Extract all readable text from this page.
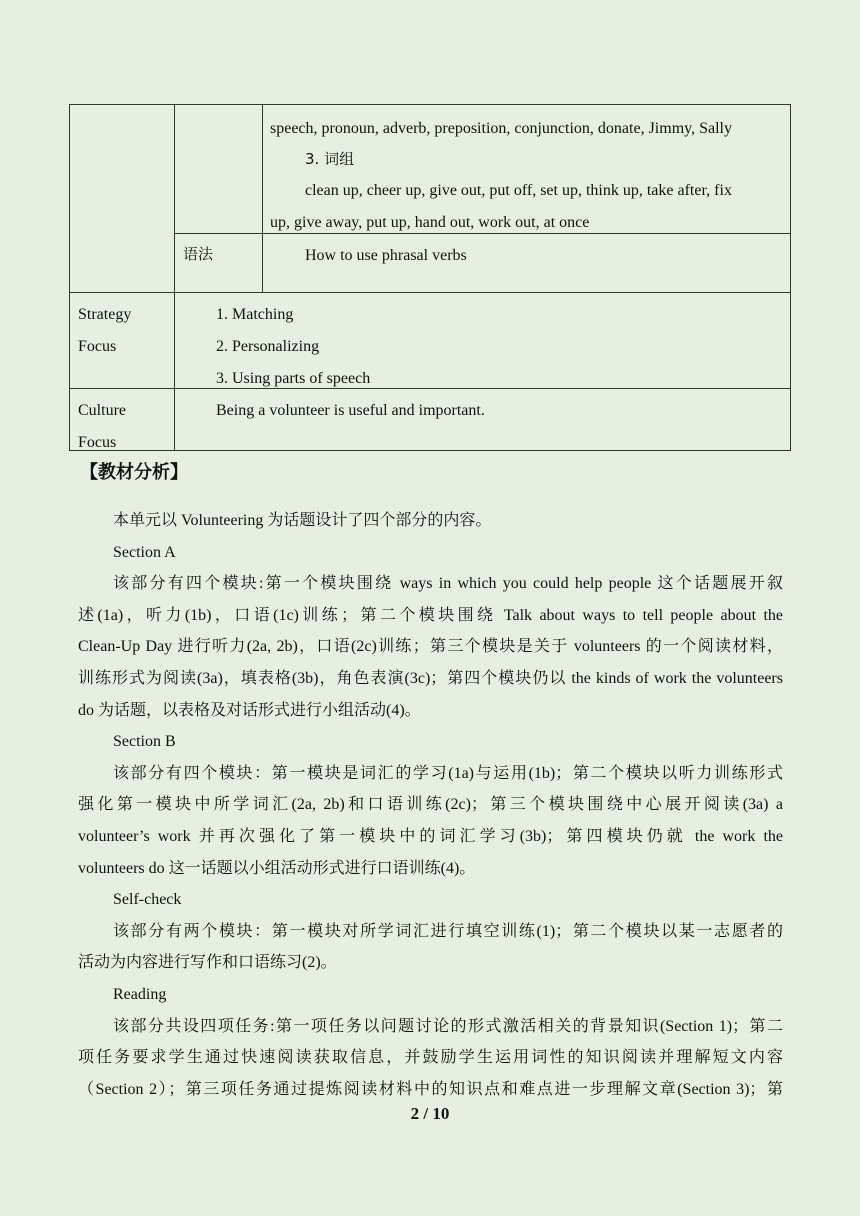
speech, pronoun, adverb, preposition, conjunction, donate, Jimmy, Sally
3. 词组
clean up, cheer up, give out, put off, set up, think up, take after, fix
up, give away, put up, hand out, work out, at once
语法	How to use phrasal verbs
Strategy
Focus
1. Matching
2. Personalizing
3. Using parts of speech
Culture
Focus
Being a volunteer is useful and important.
【教材分析】
本单元以 Volunteering 为话题设计了四个部分的内容。
Section A
该部分有四个模块:第一个模块围绕 ways in which you could help people 这个话题展开叙
述(1a)，听力(1b)，口语(1c)训练；第二个模块围绕 Talk about ways to tell people about the
Clean-Up Day 进行听力(2a, 2b)，口语(2c)训练；第三个模块是关于 volunteers 的一个阅读材料，
训练形式为阅读(3a)，填表格(3b)，角色表演(3c)；第四个模块仍以 the kinds of work the volunteers
do 为话题，以表格及对话形式进行小组活动(4)。
Section B
该部分有四个模块：第一模块是词汇的学习(1a)与运用(1b)；第二个模块以听力训练形式
强化第一模块中所学词汇(2a, 2b)和口语训练(2c)；第三个模块围绕中心展开阅读(3a) a
volunteer’s work 并再次强化了第一模块中的词汇学习(3b)；第四模块仍就 the work the
volunteers do 这一话题以小组活动形式进行口语训练(4)。
Self-check
该部分有两个模块：第一模块对所学词汇进行填空训练(1)；第二个模块以某一志愿者的
活动为内容进行写作和口语练习(2)。
Reading
该部分共设四项任务:第一项任务以问题讨论的形式激活相关的背景知识(Section 1)；第二
项任务要求学生通过快速阅读获取信息，并鼓励学生运用词性的知识阅读并理解短文内容
（Section 2）；第三项任务通过提炼阅读材料中的知识点和难点进一步理解文章(Section 3)；第
2 / 10
